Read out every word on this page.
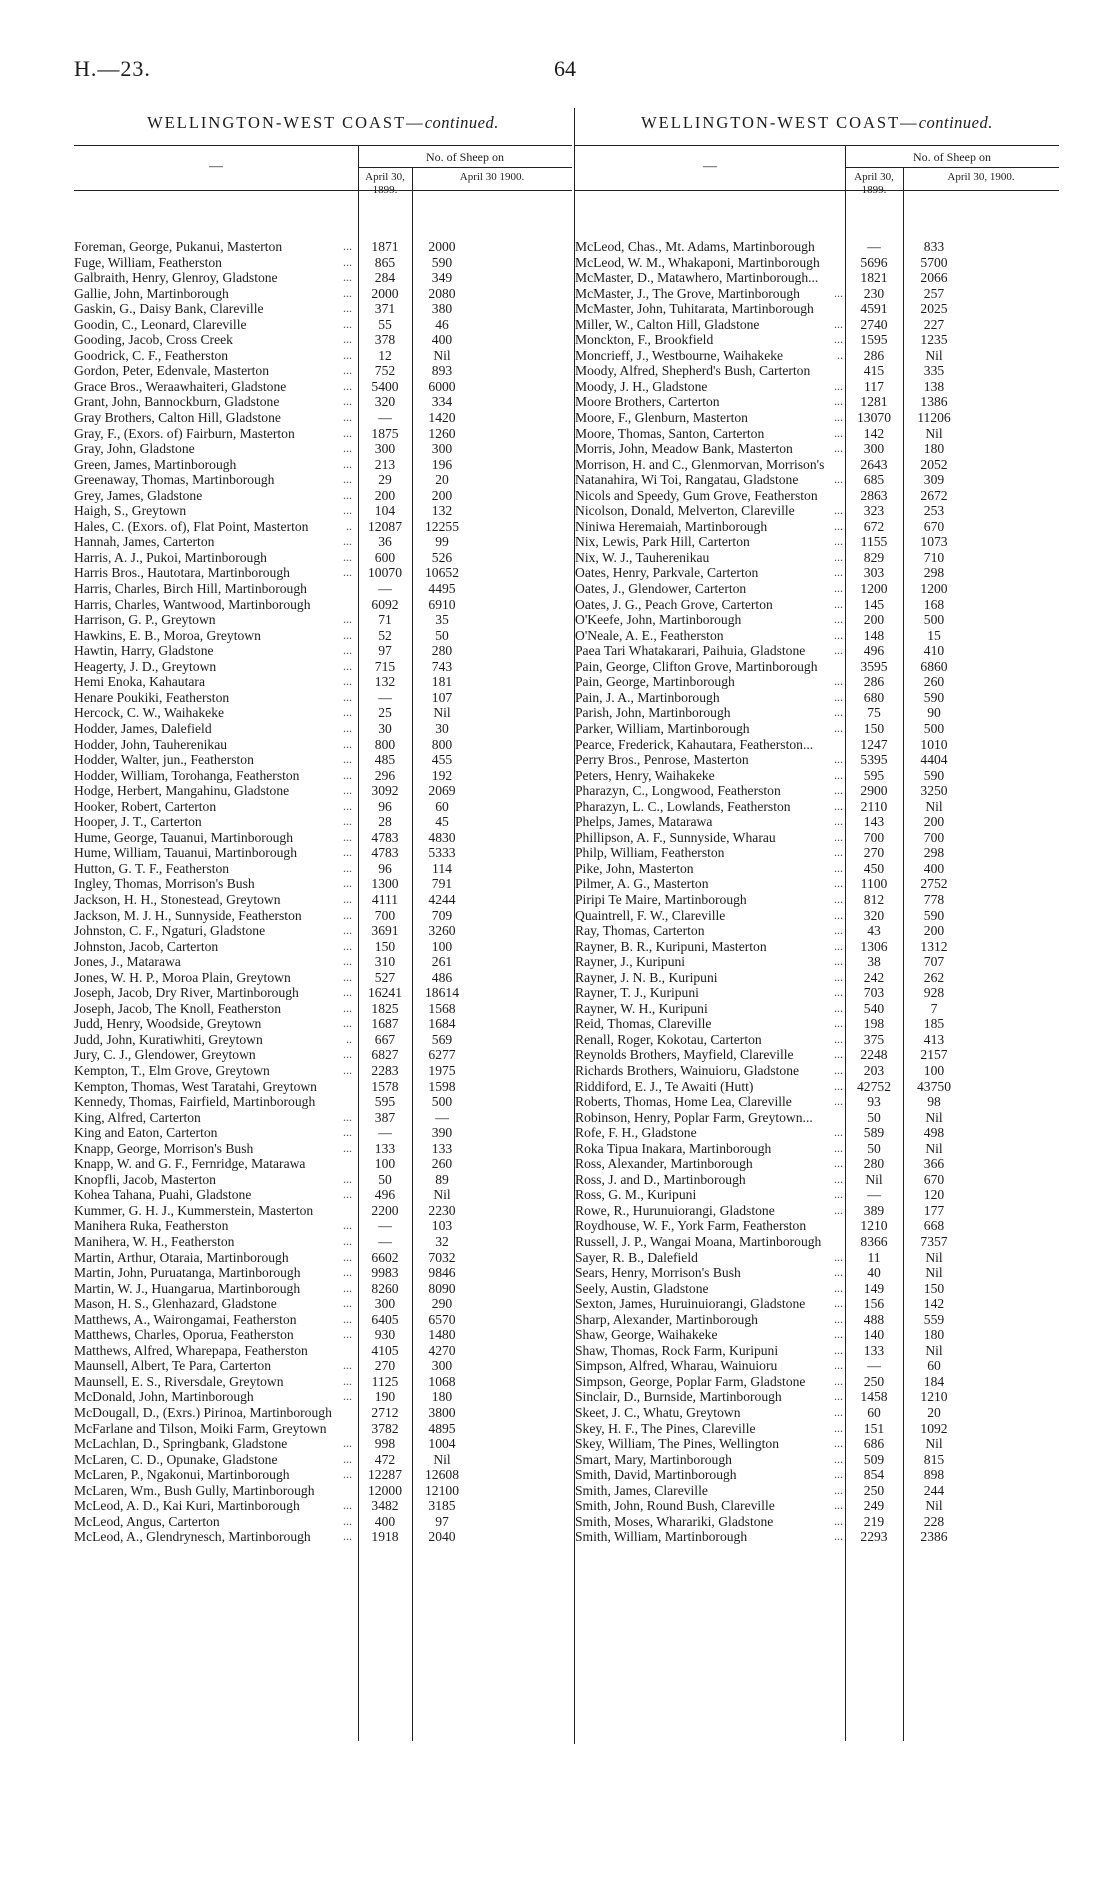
H.—23.	64
WELLINGTON-WEST COAST—continued.
No. of Sheep on
—
April 30, 1899.
April 30 1900.
Foreman, George, Pukanui, Masterton	...	1871	2000
Fuge, William, Featherston	...	865	590
Galbraith, Henry, Glenroy, Gladstone	...	284	349
Gallie, John, Martinborough	...	2000	2080
Gaskin, G., Daisy Bank, Clareville	...	371	380
Goodin, C., Leonard, Clareville	...	55	46
Gooding, Jacob, Cross Creek	...	378	400
Goodrick, C. F., Featherston	...	12	Nil
Gordon, Peter, Edenvale, Masterton	...	752	893
Grace Bros., Weraawhaiteri, Gladstone	...	5400	6000
Grant, John, Bannockburn, Gladstone	...	320	334
Gray Brothers, Calton Hill, Gladstone	...	—	1420
Gray, F., (Exors. of) Fairburn, Masterton	...	1875	1260
Gray, John, Gladstone	...	300	300
Green, James, Martinborough	...	213	196
Greenaway, Thomas, Martinborough	...	29	20
Grey, James, Gladstone	...	200	200
Haigh, S., Greytown	...	104	132
Hales, C. (Exors. of), Flat Point, Masterton	..	12087	12255
Hannah, James, Carterton	...	36	99
Harris, A. J., Pukoi, Martinborough	...	600	526
Harris Bros., Hautotara, Martinborough	...	10070	10652
Harris, Charles, Birch Hill, Martinborough	—	4495
Harris, Charles, Wantwood, Martinborough	6092	6910
Harrison, G. P., Greytown	...	71	35
Hawkins, E. B., Moroa, Greytown	...	52	50
Hawtin, Harry, Gladstone	...	97	280
Heagerty, J. D., Greytown	...	715	743
Hemi Enoka, Kahautara	...	132	181
Henare Poukiki, Featherston	...	—	107
Hercock, C. W., Waihakeke	...	25	Nil
Hodder, James, Dalefield	...	30	30
Hodder, John, Tauherenikau	...	800	800
Hodder, Walter, jun., Featherston	...	485	455
Hodder, William, Torohanga, Featherston	...	296	192
Hodge, Herbert, Mangahinu, Gladstone	...	3092	2069
Hooker, Robert, Carterton	...	96	60
Hooper, J. T., Carterton	...	28	45
Hume, George, Tauanui, Martinborough	...	4783	4830
Hume, William, Tauanui, Martinborough	...	4783	5333
Hutton, G. T. F., Featherston	...	96	114
Ingley, Thomas, Morrison's Bush	...	1300	791
Jackson, H. H., Stonestead, Greytown	...	4111	4244
Jackson, M. J. H., Sunnyside, Featherston	...	700	709
Johnston, C. F., Ngaturi, Gladstone	...	3691	3260
Johnston, Jacob, Carterton	...	150	100
Jones, J., Matarawa	...	310	261
Jones, W. H. P., Moroa Plain, Greytown	...	527	486
Joseph, Jacob, Dry River, Martinborough	...	16241	18614
Joseph, Jacob, The Knoll, Featherston	...	1825	1568
Judd, Henry, Woodside, Greytown	...	1687	1684
Judd, John, Kuratiwhiti, Greytown	..	667	569
Jury, C. J., Glendower, Greytown	...	6827	6277
Kempton, T., Elm Grove, Greytown	...	2283	1975
Kempton, Thomas, West Taratahi, Greytown	1578	1598
Kennedy, Thomas, Fairfield, Martinborough	595	500
King, Alfred, Carterton	...	387	—
King and Eaton, Carterton	...	—	390
Knapp, George, Morrison's Bush	...	133	133
Knapp, W. and G. F., Fernridge, Matarawa	100	260
Knopfli, Jacob, Masterton	...	50	89
Kohea Tahana, Puahi, Gladstone	...	496	Nil
Kummer, G. H. J., Kummerstein, Masterton	2200	2230
Manihera Ruka, Featherston	...	—	103
Manihera, W. H., Featherston	...	—	32
Martin, Arthur, Otaraia, Martinborough	...	6602	7032
Martin, John, Puruatanga, Martinborough	...	9983	9846
Martin, W. J., Huangarua, Martinborough	...	8260	8090
Mason, H. S., Glenhazard, Gladstone	...	300	290
Matthews, A., Wairongamai, Featherston	...	6405	6570
Matthews, Charles, Oporua, Featherston	...	930	1480
Matthews, Alfred, Wharepapa, Featherston	4105	4270
Maunsell, Albert, Te Para, Carterton	...	270	300
Maunsell, E. S., Riversdale, Greytown	...	1125	1068
McDonald, John, Martinborough	...	190	180
McDougall, D., (Exrs.) Pirinoa, Martinborough	2712	3800
McFarlane and Tilson, Moiki Farm, Greytown	3782	4895
McLachlan, D., Springbank, Gladstone	...	998	1004
McLaren, C. D., Opunake, Gladstone	...	472	Nil
McLaren, P., Ngakonui, Martinborough	...	12287	12608
McLaren, Wm., Bush Gully, Martinborough	12000	12100
McLeod, A. D., Kai Kuri, Martinborough	...	3482	3185
McLeod, Angus, Carterton	...	400	97
McLeod, A., Glendrynesch, Martinborough	...	1918	2040
WELLINGTON-WEST COAST—continued.
No. of Sheep on
—
April 30, 1899.
April 30, 1900.
McLeod, Chas., Mt. Adams, Martinborough	—	833
McLeod, W. M., Whakaponi, Martinborough	5696	5700
McMaster, D., Matawhero, Martinborough...	1821	2066
McMaster, J., The Grove, Martinborough	...	230	257
McMaster, John, Tuhitarata, Martinborough	4591	2025
Miller, W., Calton Hill, Gladstone	...	2740	227
Monckton, F., Brookfield	...	1595	1235
Moncrieff, J., Westbourne, Waihakeke	..	286	Nil
Moody, Alfred, Shepherd's Bush, Carterton	415	335
Moody, J. H., Gladstone	...	117	138
Moore Brothers, Carterton	...	1281	1386
Moore, F., Glenburn, Masterton	...	13070	11206
Moore, Thomas, Santon, Carterton	...	142	Nil
Morris, John, Meadow Bank, Masterton	...	300	180
Morrison, H. and C., Glenmorvan, Morrison's	2643	2052
Natanahira, Wi Toi, Rangatau, Gladstone	...	685	309
Nicols and Speedy, Gum Grove, Featherston	2863	2672
Nicolson, Donald, Melverton, Clareville	...	323	253
Niniwa Heremaiah, Martinborough	...	672	670
Nix, Lewis, Park Hill, Carterton	...	1155	1073
Nix, W. J., Tauherenikau	...	829	710
Oates, Henry, Parkvale, Carterton	...	303	298
Oates, J., Glendower, Carterton	...	1200	1200
Oates, J. G., Peach Grove, Carterton	...	145	168
O'Keefe, John, Martinborough	...	200	500
O'Neale, A. E., Featherston	...	148	15
Paea Tari Whatakarari, Paihuia, Gladstone	...	496	410
Pain, George, Clifton Grove, Martinborough	3595	6860
Pain, George, Martinborough	...	286	260
Pain, J. A., Martinborough	...	680	590
Parish, John, Martinborough	...	75	90
Parker, William, Martinborough	...	150	500
Pearce, Frederick, Kahautara, Featherston...	1247	1010
Perry Bros., Penrose, Masterton	...	5395	4404
Peters, Henry, Waihakeke	...	595	590
Pharazyn, C., Longwood, Featherston	...	2900	3250
Pharazyn, L. C., Lowlands, Featherston	...	2110	Nil
Phelps, James, Matarawa	...	143	200
Phillipson, A. F., Sunnyside, Wharau	...	700	700
Philp, William, Featherston	...	270	298
Pike, John, Masterton	...	450	400
Pilmer, A. G., Masterton	...	1100	2752
Piripi Te Maire, Martinborough	...	812	778
Quaintrell, F. W., Clareville	...	320	590
Ray, Thomas, Carterton	...	43	200
Rayner, B. R., Kuripuni, Masterton	...	1306	1312
Rayner, J., Kuripuni	...	38	707
Rayner, J. N. B., Kuripuni	...	242	262
Rayner, T. J., Kuripuni	...	703	928
Rayner, W. H., Kuripuni	...	540	7
Reid, Thomas, Clareville	...	198	185
Renall, Roger, Kokotau, Carterton	...	375	413
Reynolds Brothers, Mayfield, Clareville	...	2248	2157
Richards Brothers, Wainuioru, Gladstone	...	203	100
Riddiford, E. J., Te Awaiti (Hutt)	...	42752	43750
Roberts, Thomas, Home Lea, Clareville	...	93	98
Robinson, Henry, Poplar Farm, Greytown...	50	Nil
Rofe, F. H., Gladstone	...	589	498
Roka Tipua Inakara, Martinborough	...	50	Nil
Ross, Alexander, Martinborough	...	280	366
Ross, J. and D., Martinborough	...	Nil	670
Ross, G. M., Kuripuni	...	—	120
Rowe, R., Hurunuiorangi, Gladstone	...	389	177
Roydhouse, W. F., York Farm, Featherston	1210	668
Russell, J. P., Wangai Moana, Martinborough	8366	7357
Sayer, R. B., Dalefield	...	11	Nil
Sears, Henry, Morrison's Bush	...	40	Nil
Seely, Austin, Gladstone	...	149	150
Sexton, James, Huruinuiorangi, Gladstone	...	156	142
Sharp, Alexander, Martinborough	...	488	559
Shaw, George, Waihakeke	...	140	180
Shaw, Thomas, Rock Farm, Kuripuni	...	133	Nil
Simpson, Alfred, Wharau, Wainuioru	...	—	60
Simpson, George, Poplar Farm, Gladstone	...	250	184
Sinclair, D., Burnside, Martinborough	...	1458	1210
Skeet, J. C., Whatu, Greytown	...	60	20
Skey, H. F., The Pines, Clareville	...	151	1092
Skey, William, The Pines, Wellington	...	686	Nil
Smart, Mary, Martinborough	...	509	815
Smith, David, Martinborough	...	854	898
Smith, James, Clareville	...	250	244
Smith, John, Round Bush, Clareville	...	249	Nil
Smith, Moses, Wharariki, Gladstone	...	219	228
Smith, William, Martinborough	...	2293	2386
